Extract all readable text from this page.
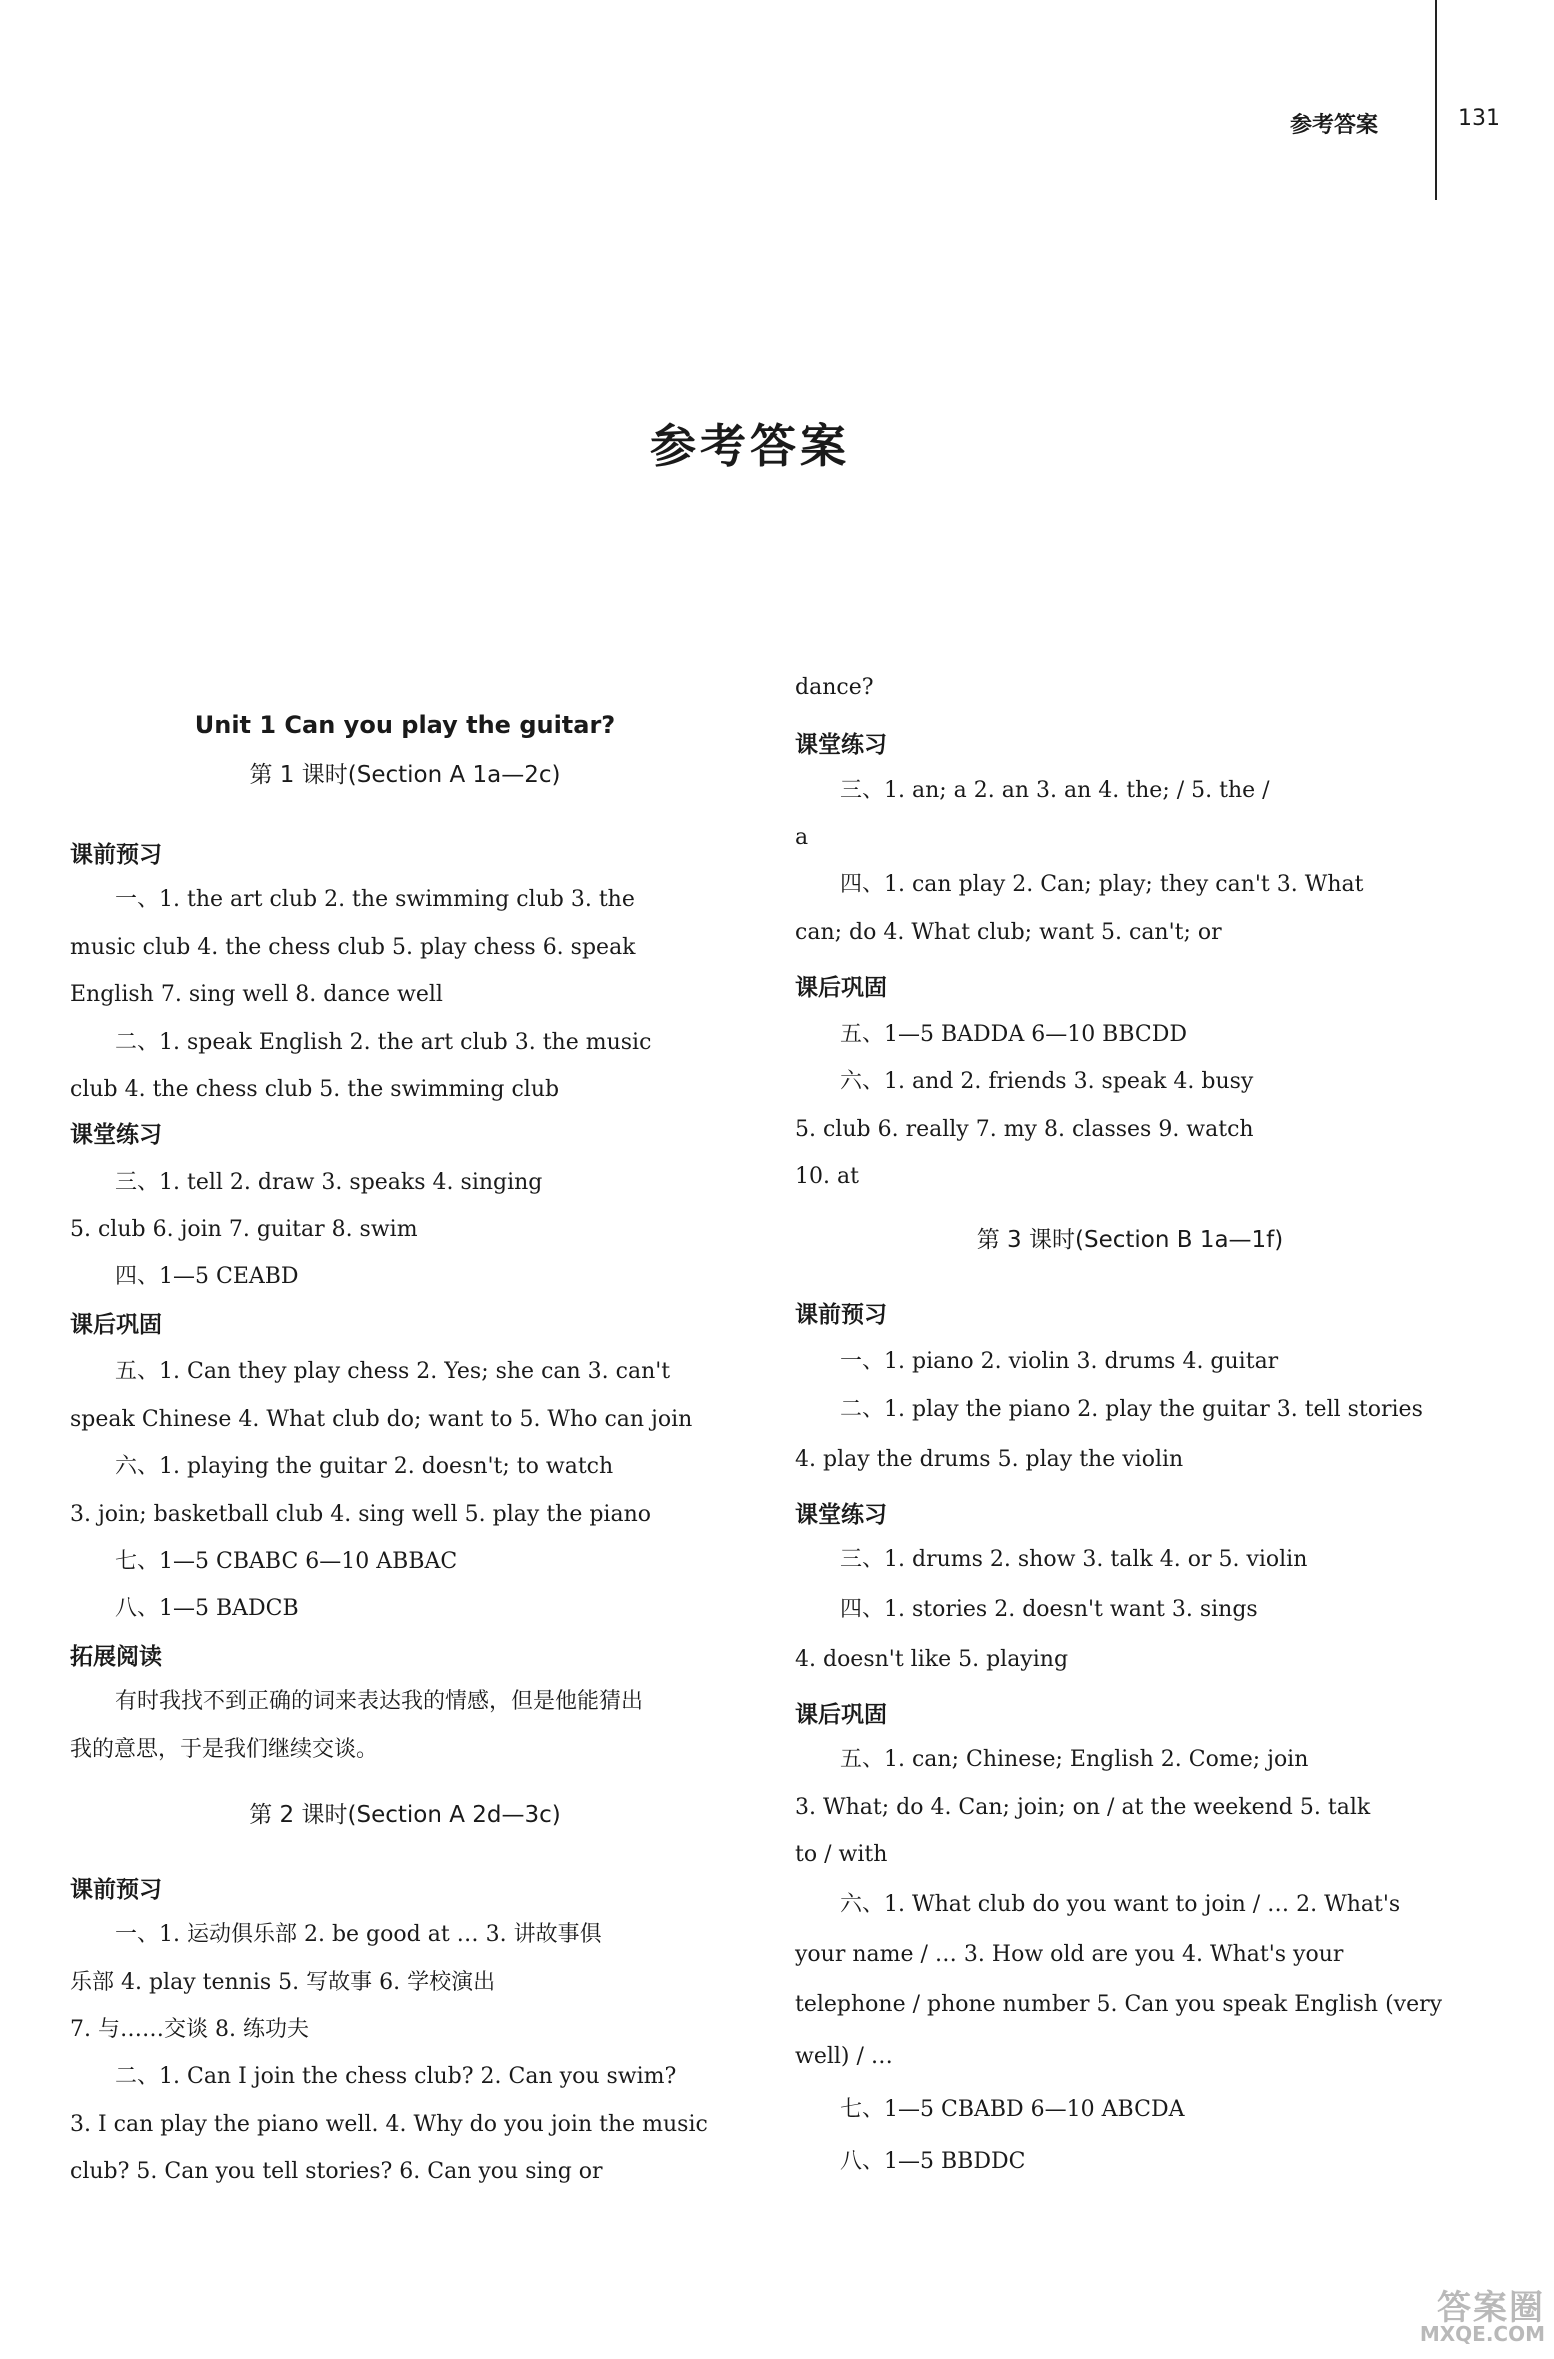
参考答案	131
参考答案
Unit 1 Can you play the guitar?
第 1 课时(Section A 1a—2c)
课前预习
一、1. the art club 2. the swimming club 3. the
music club 4. the chess club 5. play chess 6. speak
English 7. sing well 8. dance well
二、1. speak English 2. the art club 3. the music
club 4. the chess club 5. the swimming club
课堂练习
三、1. tell 2. draw 3. speaks 4. singing
5. club 6. join 7. guitar 8. swim
四、1—5 CEABD
课后巩固
五、1. Can they play chess 2. Yes; she can 3. can't
speak Chinese 4. What club do; want to 5. Who can join
六、1. playing the guitar 2. doesn't; to watch
3. join; basketball club 4. sing well 5. play the piano
七、1—5 CBABC 6—10 ABBAC
八、1—5 BADCB
拓展阅读
有时我找不到正确的词来表达我的情感，但是他能猜出
我的意思，于是我们继续交谈。
第 2 课时(Section A 2d—3c)
课前预习
一、1. 运动俱乐部 2. be good at … 3. 讲故事俱
乐部 4. play tennis 5. 写故事 6. 学校演出
7. 与……交谈 8. 练功夫
二、1. Can I join the chess club? 2. Can you swim?
3. I can play the piano well. 4. Why do you join the music
club? 5. Can you tell stories? 6. Can you sing or
dance?
课堂练习
三、1. an; a 2. an 3. an 4. the; / 5. the /
a
四、1. can play 2. Can; play; they can't 3. What
can; do 4. What club; want 5. can't; or
课后巩固
五、1—5 BADDA 6—10 BBCDD
六、1. and 2. friends 3. speak 4. busy
5. club 6. really 7. my 8. classes 9. watch
10. at
第 3 课时(Section B 1a—1f)
课前预习
一、1. piano 2. violin 3. drums 4. guitar
二、1. play the piano 2. play the guitar 3. tell stories
4. play the drums 5. play the violin
课堂练习
三、1. drums 2. show 3. talk 4. or 5. violin
四、1. stories 2. doesn't want 3. sings
4. doesn't like 5. playing
课后巩固
五、1. can; Chinese; English 2. Come; join
3. What; do 4. Can; join; on / at the weekend 5. talk
to / with
六、1. What club do you want to join / … 2. What's
your name / … 3. How old are you 4. What's your
telephone / phone number 5. Can you speak English (very
well) / …
七、1—5 CBABD 6—10 ABCDA
八、1—5 BBDDC
答案圈
MXQE.COM
